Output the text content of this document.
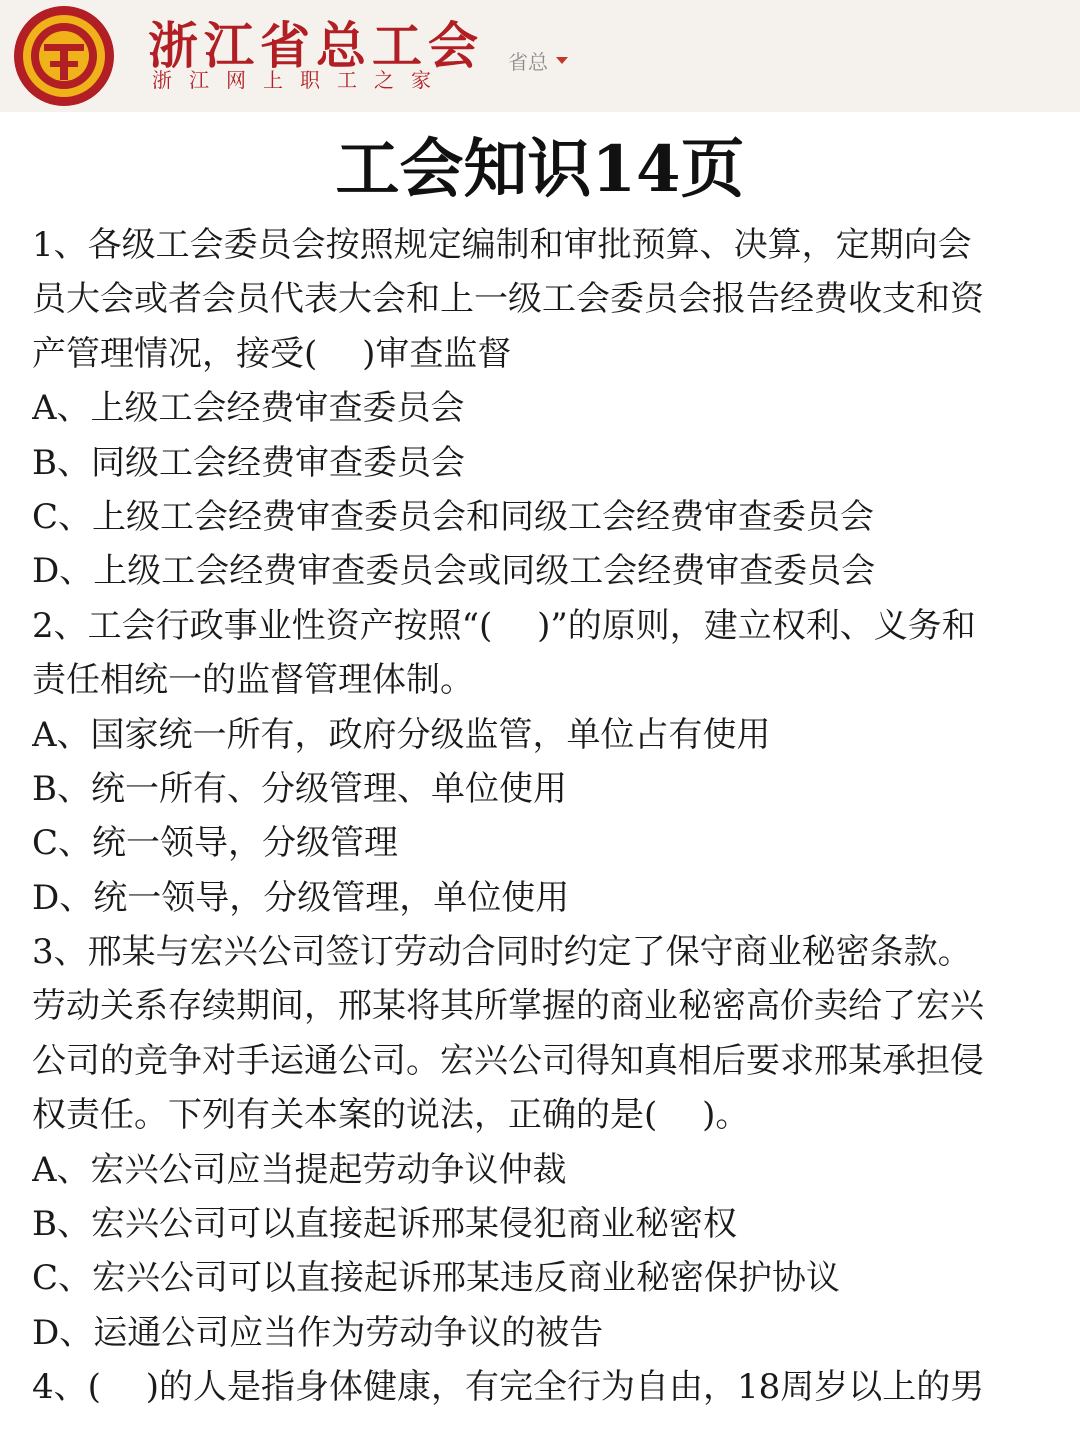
浙江省总工会
浙江网上职工之家
省总
工会知识14页
1、各级工会委员会按照规定编制和审批预算、决算，定期向会
员大会或者会员代表大会和上一级工会委员会报告经费收支和资
产管理情况，接受(　 )审查监督
A、上级工会经费审查委员会
B、同级工会经费审查委员会
C、上级工会经费审查委员会和同级工会经费审查委员会
D、上级工会经费审查委员会或同级工会经费审查委员会
2、工会行政事业性资产按照“(　 )”的原则，建立权利、义务和
责任相统一的监督管理体制。
A、国家统一所有，政府分级监管，单位占有使用
B、统一所有、分级管理、单位使用
C、统一领导，分级管理
D、统一领导，分级管理，单位使用
3、邢某与宏兴公司签订劳动合同时约定了保守商业秘密条款。
劳动关系存续期间，邢某将其所掌握的商业秘密高价卖给了宏兴
公司的竞争对手运通公司。宏兴公司得知真相后要求邢某承担侵
权责任。下列有关本案的说法，正确的是(　 )。
A、宏兴公司应当提起劳动争议仲裁
B、宏兴公司可以直接起诉邢某侵犯商业秘密权
C、宏兴公司可以直接起诉邢某违反商业秘密保护协议
D、运通公司应当作为劳动争议的被告
4、(　 )的人是指身体健康，有完全行为自由，18周岁以上的男
